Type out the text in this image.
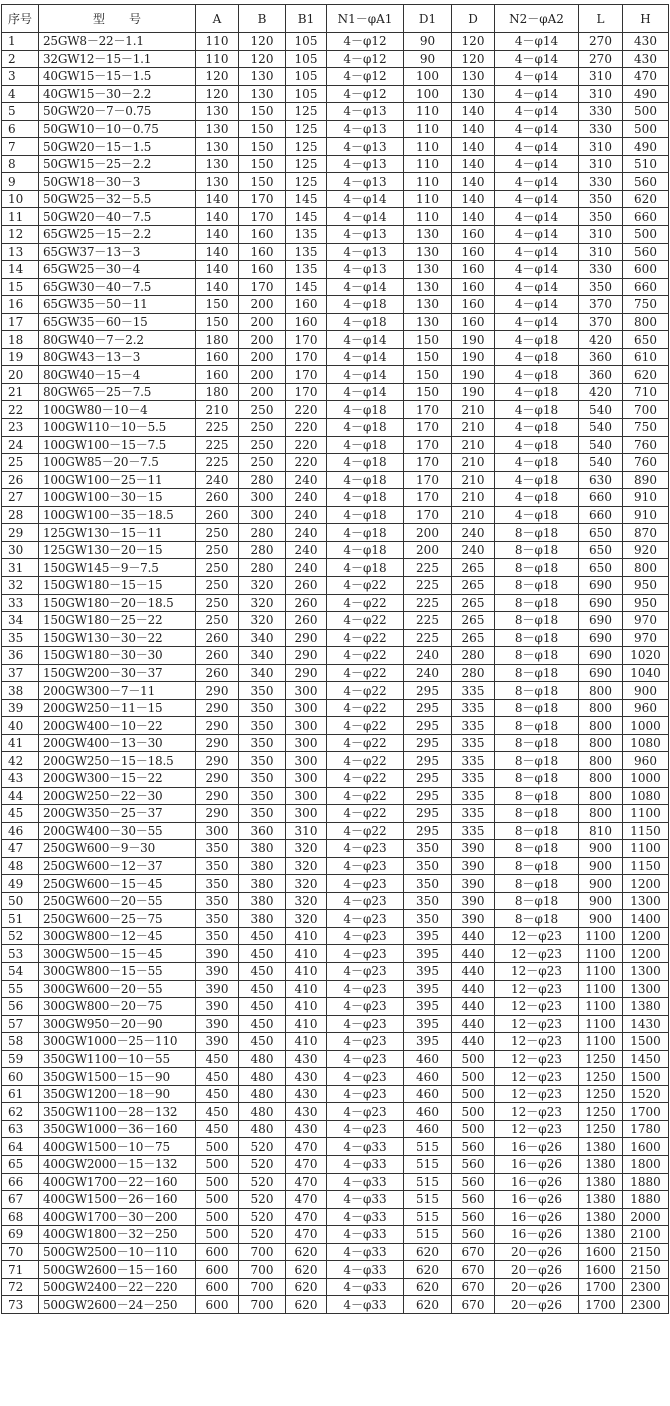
序号	型　　号	A	B	B1	N1－φA1	D1	D	N2－φA2	L	H
1	25GW8－22－1.1	110	120	105	4－φ12	90	120	4－φ14	270	430
2	32GW12－15－1.1	110	120	105	4－φ12	90	120	4－φ14	270	430
3	40GW15－15－1.5	120	130	105	4－φ12	100	130	4－φ14	310	470
4	40GW15－30－2.2	120	130	105	4－φ12	100	130	4－φ14	310	490
5	50GW20－7－0.75	130	150	125	4－φ13	110	140	4－φ14	330	500
6	50GW10－10－0.75	130	150	125	4－φ13	110	140	4－φ14	330	500
7	50GW20－15－1.5	130	150	125	4－φ13	110	140	4－φ14	310	490
8	50GW15－25－2.2	130	150	125	4－φ13	110	140	4－φ14	310	510
9	50GW18－30－3	130	150	125	4－φ13	110	140	4－φ14	330	560
10	50GW25－32－5.5	140	170	145	4－φ14	110	140	4－φ14	350	620
11	50GW20－40－7.5	140	170	145	4－φ14	110	140	4－φ14	350	660
12	65GW25－15－2.2	140	160	135	4－φ13	130	160	4－φ14	310	500
13	65GW37－13－3	140	160	135	4－φ13	130	160	4－φ14	310	560
14	65GW25－30－4	140	160	135	4－φ13	130	160	4－φ14	330	600
15	65GW30－40－7.5	140	170	145	4－φ14	130	160	4－φ14	350	660
16	65GW35－50－11	150	200	160	4－φ18	130	160	4－φ14	370	750
17	65GW35－60－15	150	200	160	4－φ18	130	160	4－φ14	370	800
18	80GW40－7－2.2	180	200	170	4－φ14	150	190	4－φ18	420	650
19	80GW43－13－3	160	200	170	4－φ14	150	190	4－φ18	360	610
20	80GW40－15－4	160	200	170	4－φ14	150	190	4－φ18	360	620
21	80GW65－25－7.5	180	200	170	4－φ14	150	190	4－φ18	420	710
22	100GW80－10－4	210	250	220	4－φ18	170	210	4－φ18	540	700
23	100GW110－10－5.5	225	250	220	4－φ18	170	210	4－φ18	540	750
24	100GW100－15－7.5	225	250	220	4－φ18	170	210	4－φ18	540	760
25	100GW85－20－7.5	225	250	220	4－φ18	170	210	4－φ18	540	760
26	100GW100－25－11	240	280	240	4－φ18	170	210	4－φ18	630	890
27	100GW100－30－15	260	300	240	4－φ18	170	210	4－φ18	660	910
28	100GW100－35－18.5	260	300	240	4－φ18	170	210	4－φ18	660	910
29	125GW130－15－11	250	280	240	4－φ18	200	240	8－φ18	650	870
30	125GW130－20－15	250	280	240	4－φ18	200	240	8－φ18	650	920
31	150GW145－9－7.5	250	280	240	4－φ18	225	265	8－φ18	650	800
32	150GW180－15－15	250	320	260	4－φ22	225	265	8－φ18	690	950
33	150GW180－20－18.5	250	320	260	4－φ22	225	265	8－φ18	690	950
34	150GW180－25－22	250	320	260	4－φ22	225	265	8－φ18	690	970
35	150GW130－30－22	260	340	290	4－φ22	225	265	8－φ18	690	970
36	150GW180－30－30	260	340	290	4－φ22	240	280	8－φ18	690	1020
37	150GW200－30－37	260	340	290	4－φ22	240	280	8－φ18	690	1040
38	200GW300－7－11	290	350	300	4－φ22	295	335	8－φ18	800	900
39	200GW250－11－15	290	350	300	4－φ22	295	335	8－φ18	800	960
40	200GW400－10－22	290	350	300	4－φ22	295	335	8－φ18	800	1000
41	200GW400－13－30	290	350	300	4－φ22	295	335	8－φ18	800	1080
42	200GW250－15－18.5	290	350	300	4－φ22	295	335	8－φ18	800	960
43	200GW300－15－22	290	350	300	4－φ22	295	335	8－φ18	800	1000
44	200GW250－22－30	290	350	300	4－φ22	295	335	8－φ18	800	1080
45	200GW350－25－37	290	350	300	4－φ22	295	335	8－φ18	800	1100
46	200GW400－30－55	300	360	310	4－φ22	295	335	8－φ18	810	1150
47	250GW600－9－30	350	380	320	4－φ23	350	390	8－φ18	900	1100
48	250GW600－12－37	350	380	320	4－φ23	350	390	8－φ18	900	1150
49	250GW600－15－45	350	380	320	4－φ23	350	390	8－φ18	900	1200
50	250GW600－20－55	350	380	320	4－φ23	350	390	8－φ18	900	1300
51	250GW600－25－75	350	380	320	4－φ23	350	390	8－φ18	900	1400
52	300GW800－12－45	350	450	410	4－φ23	395	440	12－φ23	1100	1200
53	300GW500－15－45	390	450	410	4－φ23	395	440	12－φ23	1100	1200
54	300GW800－15－55	390	450	410	4－φ23	395	440	12－φ23	1100	1300
55	300GW600－20－55	390	450	410	4－φ23	395	440	12－φ23	1100	1300
56	300GW800－20－75	390	450	410	4－φ23	395	440	12－φ23	1100	1380
57	300GW950－20－90	390	450	410	4－φ23	395	440	12－φ23	1100	1430
58	300GW1000－25－110	390	450	410	4－φ23	395	440	12－φ23	1100	1500
59	350GW1100－10－55	450	480	430	4－φ23	460	500	12－φ23	1250	1450
60	350GW1500－15－90	450	480	430	4－φ23	460	500	12－φ23	1250	1500
61	350GW1200－18－90	450	480	430	4－φ23	460	500	12－φ23	1250	1520
62	350GW1100－28－132	450	480	430	4－φ23	460	500	12－φ23	1250	1700
63	350GW1000－36－160	450	480	430	4－φ23	460	500	12－φ23	1250	1780
64	400GW1500－10－75	500	520	470	4－φ33	515	560	16－φ26	1380	1600
65	400GW2000－15－132	500	520	470	4－φ33	515	560	16－φ26	1380	1800
66	400GW1700－22－160	500	520	470	4－φ33	515	560	16－φ26	1380	1880
67	400GW1500－26－160	500	520	470	4－φ33	515	560	16－φ26	1380	1880
68	400GW1700－30－200	500	520	470	4－φ33	515	560	16－φ26	1380	2000
69	400GW1800－32－250	500	520	470	4－φ33	515	560	16－φ26	1380	2100
70	500GW2500－10－110	600	700	620	4－φ33	620	670	20－φ26	1600	2150
71	500GW2600－15－160	600	700	620	4－φ33	620	670	20－φ26	1600	2150
72	500GW2400－22－220	600	700	620	4－φ33	620	670	20－φ26	1700	2300
73	500GW2600－24－250	600	700	620	4－φ33	620	670	20－φ26	1700	2300
